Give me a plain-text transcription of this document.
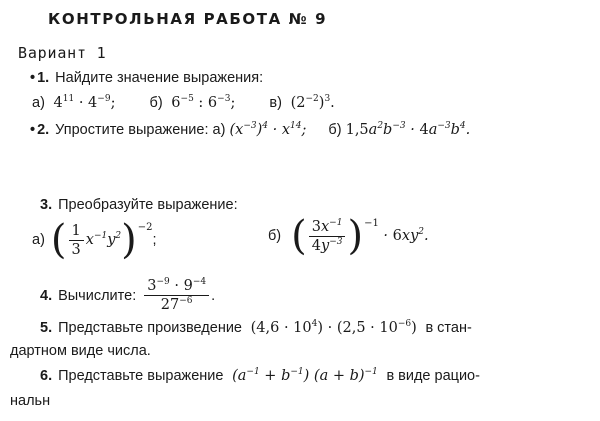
КОНТРОЛЬНАЯ РАБОТА № 9
Вариант 1
• 1. Найдите значение выражения:
а)  $4^{11} \cdot 4^{-9}$; б)  $6^{-5}$ : $6^{-3}$; в)  $(2^{-2})^3$.
• 2. Упростите выражение: а) $(x^{-3})^4 \cdot x^{14}$; б) $1,5a^2b^{-3} \cdot 4a^{-3}b^4$.
3. Преобразуйте выражение:
а) ( $\frac{1}{3} x^{-1}y^2$ ) −2
;	б) ( $\frac{3x^{-1}}{4y^{-3}}$ ) −1
· $6xy^2$.
4. Вычислите: $\frac{3^{-9} \cdot 9^{-4}}{27^{-6}}$ .
5. Представьте произведение  $(4,6 \cdot 10^4) \cdot (2,5 \cdot 10^{-6})$  в стан-
дартном виде числа.
6. Представьте выражение  $(a^{-1} + b^{-1}) (a + b)^{-1}$ в виде рацио-
нальн
